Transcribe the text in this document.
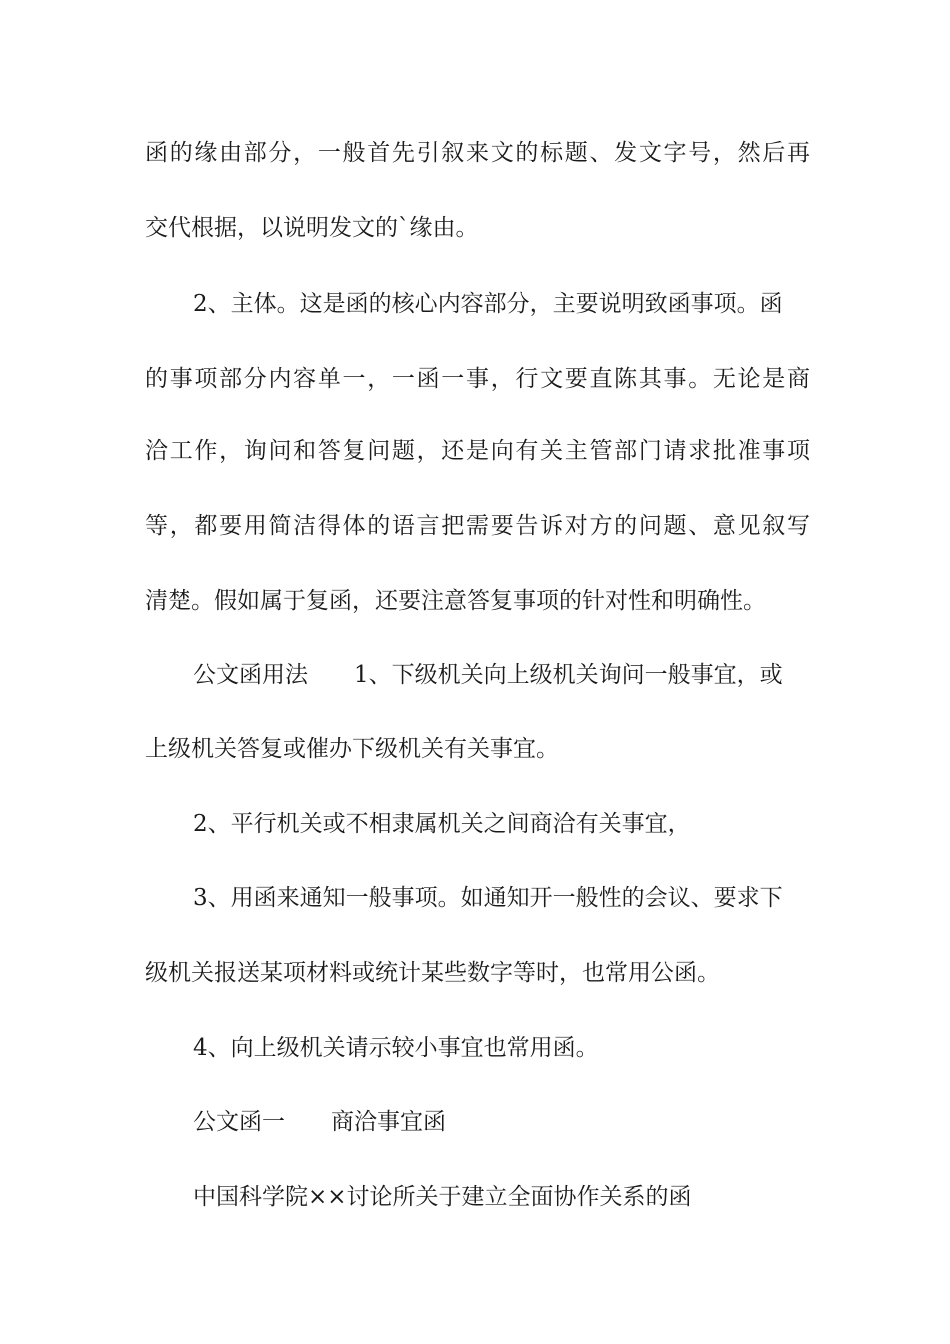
函的缘由部分，一般首先引叙来文的标题、发文字号，然后再
交代根据，以说明发文的`缘由。
2、主体。这是函的核心内容部分，主要说明致函事项。函
的事项部分内容单一，一函一事，行文要直陈其事。无论是商
洽工作，询问和答复问题，还是向有关主管部门请求批准事项
等，都要用简洁得体的语言把需要告诉对方的问题、意见叙写
清楚。假如属于复函，还要注意答复事项的针对性和明确性。
公文函用法 1、下级机关向上级机关询问一般事宜，或
上级机关答复或催办下级机关有关事宜。
2、平行机关或不相隶属机关之间商洽有关事宜，
3、用函来通知一般事项。如通知开一般性的会议、要求下
级机关报送某项材料或统计某些数字等时，也常用公函。
4、向上级机关请示较小事宜也常用函。
公文函一 商洽事宜函
中国科学院××讨论所关于建立全面协作关系的函
